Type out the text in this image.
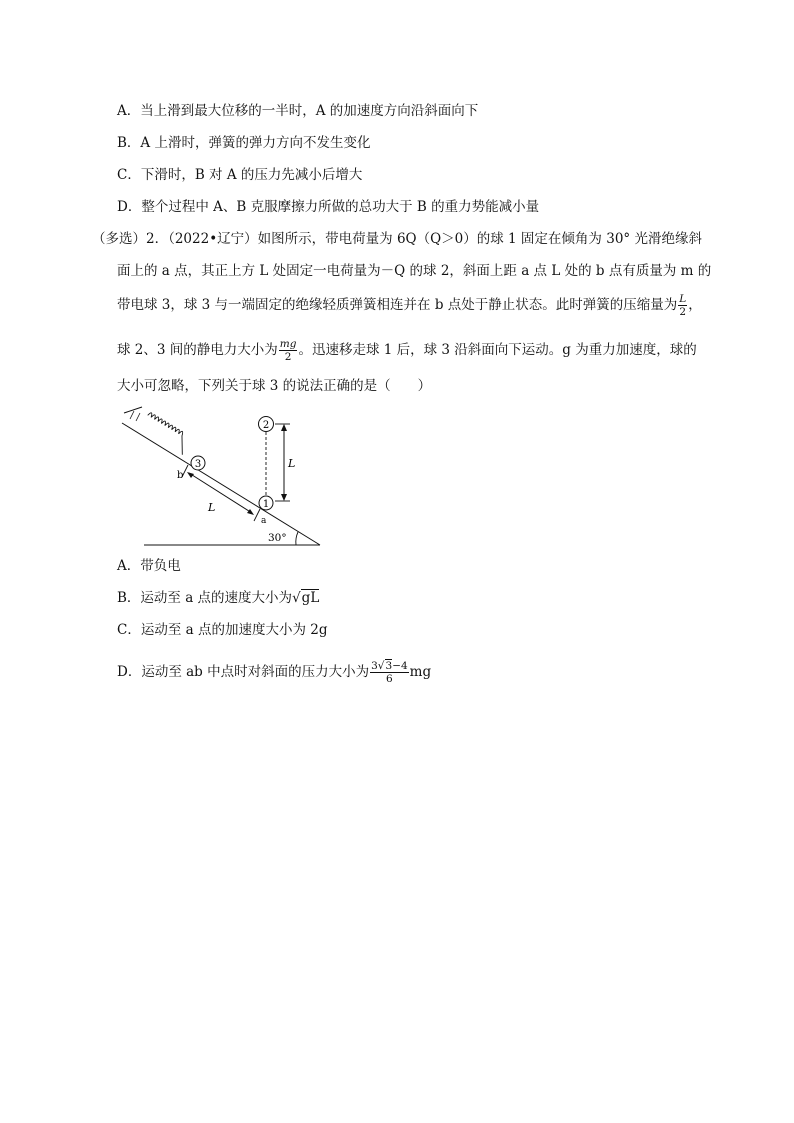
A．当上滑到最大位移的一半时，A 的加速度方向沿斜面向下
B．A 上滑时，弹簧的弹力方向不发生变化
C．下滑时，B 对 A 的压力先减小后增大
D．整个过程中 A、B 克服摩擦力所做的总功大于 B 的重力势能减小量
（多选）2．（2022•辽宁）如图所示，带电荷量为 6Q（Q＞0）的球 1 固定在倾角为 30° 光滑绝缘斜
面上的 a 点，其正上方 L 处固定一电荷量为－Q 的球 2，斜面上距 a 点 L 处的 b 点有质量为 m 的
带电球 3，球 3 与一端固定的绝缘轻质弹簧相连并在 b 点处于静止状态。此时弹簧的压缩量为 $\frac{L}{2}$ ，
球 2、3 间的静电力大小为 $\frac{mg}{2}$ 。迅速移走球 1 后，球 3 沿斜面向下运动。g 为重力加速度，球的
大小可忽略，下列关于球 3 的说法正确的是（　　）
3
b
a
L	1
2
L
30°
A．带负电
B．运动至 a 点的速度大小为√gL
C．运动至 a 点的加速度大小为 2g
D．运动至 ab 中点时对斜面的压力大小为 $\frac{3√3-4}{6}$ mg
